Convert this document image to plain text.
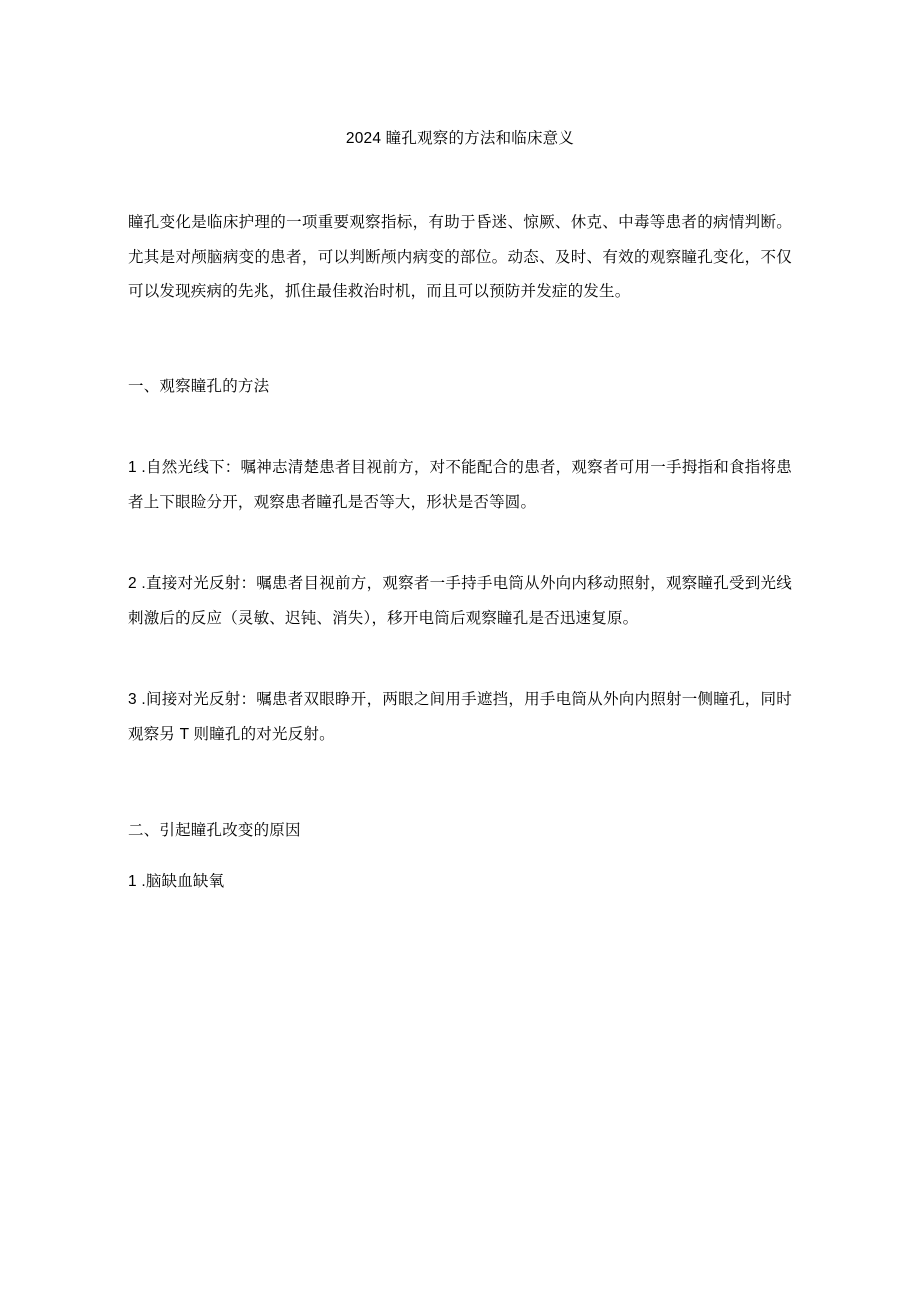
2024 瞳孔观察的方法和临床意义

瞳孔变化是临床护理的一项重要观察指标，有助于昏迷、惊厥、休克、中毒等患者的病情判断。尤其是对颅脑病变的患者，可以判断颅内病变的部位。动态、及时、有效的观察瞳孔变化，不仅可以发现疾病的先兆，抓住最佳救治时机，而且可以预防并发症的发生。

一、观察瞳孔的方法

1 .自然光线下：嘱神志清楚患者目视前方，对不能配合的患者，观察者可用一手拇指和食指将患者上下眼睑分开，观察患者瞳孔是否等大，形状是否等圆。

2 .直接对光反射：嘱患者目视前方，观察者一手持手电筒从外向内移动照射，观察瞳孔受到光线刺激后的反应（灵敏、迟钝、消失），移开电筒后观察瞳孔是否迅速复原。

3 .间接对光反射：嘱患者双眼睁开，两眼之间用手遮挡，用手电筒从外向内照射一侧瞳孔，同时观察另 T 则瞳孔的对光反射。

二、引起瞳孔改变的原因

1 .脑缺血缺氧
